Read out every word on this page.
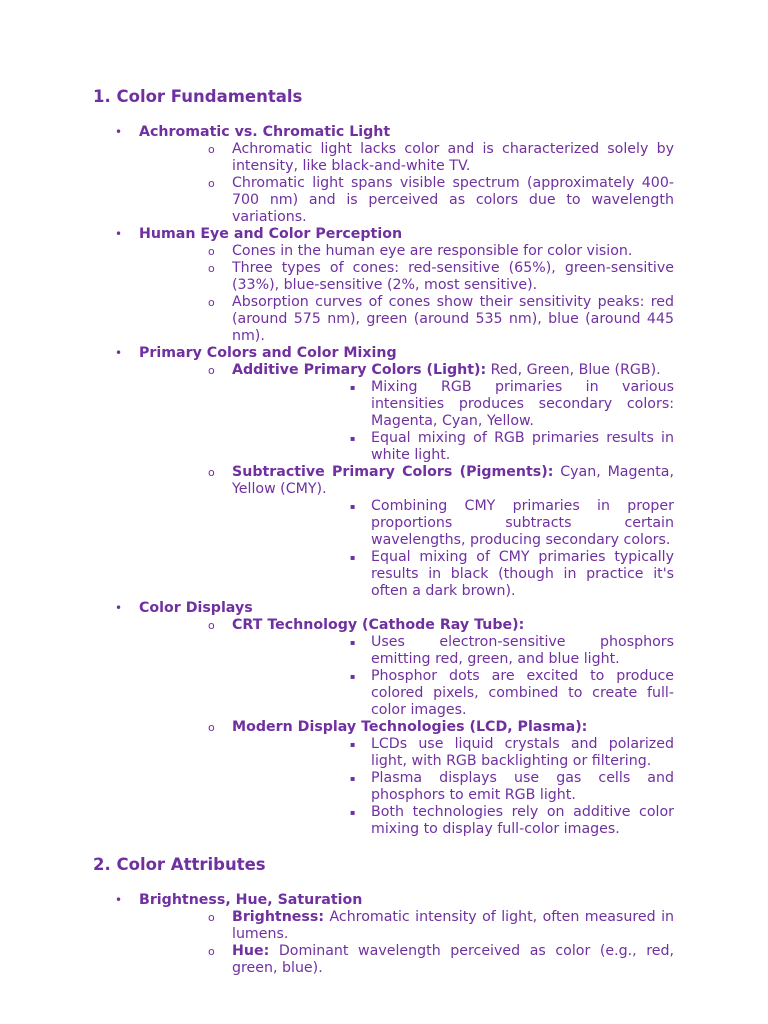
1. Color Fundamentals
• Achromatic vs. Chromatic Light
o Achromatic light lacks color and is characterized solely by intensity, like black-and-white TV.
o Chromatic light spans visible spectrum (approximately 400-700 nm) and is perceived as colors due to wavelength variations.
• Human Eye and Color Perception
o Cones in the human eye are responsible for color vision.
o Three types of cones: red-sensitive (65%), green-sensitive (33%), blue-sensitive (2%, most sensitive).
o Absorption curves of cones show their sensitivity peaks: red (around 575 nm), green (around 535 nm), blue (around 445 nm).
• Primary Colors and Color Mixing
o Additive Primary Colors (Light): Red, Green, Blue (RGB).
▪ Mixing RGB primaries in various intensities produces secondary colors: Magenta, Cyan, Yellow.
▪ Equal mixing of RGB primaries results in white light.
o Subtractive Primary Colors (Pigments): Cyan, Magenta, Yellow (CMY).
▪ Combining CMY primaries in proper proportions subtracts certain wavelengths, producing secondary colors.
▪ Equal mixing of CMY primaries typically results in black (though in practice it's often a dark brown).
• Color Displays
o CRT Technology (Cathode Ray Tube):
▪ Uses electron-sensitive phosphors emitting red, green, and blue light.
▪ Phosphor dots are excited to produce colored pixels, combined to create full-color images.
o Modern Display Technologies (LCD, Plasma):
▪ LCDs use liquid crystals and polarized light, with RGB backlighting or filtering.
▪ Plasma displays use gas cells and phosphors to emit RGB light.
▪ Both technologies rely on additive color mixing to display full-color images.
2. Color Attributes
• Brightness, Hue, Saturation
o Brightness: Achromatic intensity of light, often measured in lumens.
o Hue: Dominant wavelength perceived as color (e.g., red, green, blue).
